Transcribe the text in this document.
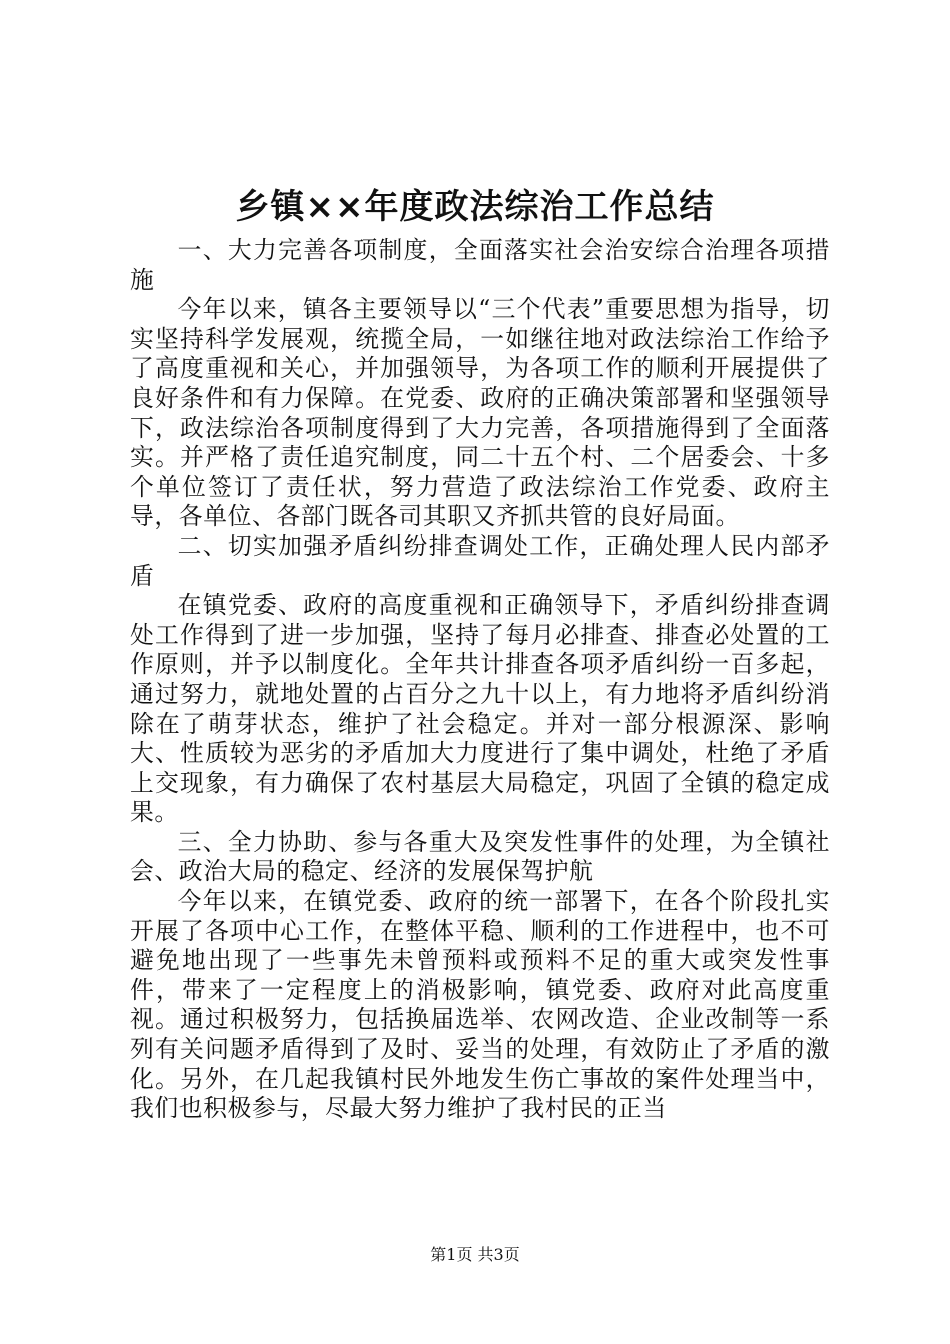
乡镇××年度政法综治工作总结

一、大力完善各项制度，全面落实社会治安综合治理各项措施

今年以来，镇各主要领导以“三个代表”重要思想为指导，切实坚持科学发展观，统揽全局，一如继往地对政法综治工作给予了高度重视和关心，并加强领导，为各项工作的顺利开展提供了良好条件和有力保障。在党委、政府的正确决策部署和坚强领导下，政法综治各项制度得到了大力完善，各项措施得到了全面落实。并严格了责任追究制度，同二十五个村、二个居委会、十多个单位签订了责任状，努力营造了政法综治工作党委、政府主导，各单位、各部门既各司其职又齐抓共管的良好局面。

二、切实加强矛盾纠纷排查调处工作，正确处理人民内部矛盾

在镇党委、政府的高度重视和正确领导下，矛盾纠纷排查调处工作得到了进一步加强，坚持了每月必排查、排查必处置的工作原则，并予以制度化。全年共计排查各项矛盾纠纷一百多起，通过努力，就地处置的占百分之九十以上，有力地将矛盾纠纷消除在了萌芽状态，维护了社会稳定。并对一部分根源深、影响大、性质较为恶劣的矛盾加大力度进行了集中调处，杜绝了矛盾上交现象，有力确保了农村基层大局稳定，巩固了全镇的稳定成果。

三、全力协助、参与各重大及突发性事件的处理，为全镇社会、政治大局的稳定、经济的发展保驾护航

今年以来，在镇党委、政府的统一部署下，在各个阶段扎实开展了各项中心工作，在整体平稳、顺利的工作进程中，也不可避免地出现了一些事先未曾预料或预料不足的重大或突发性事件，带来了一定程度上的消极影响，镇党委、政府对此高度重视。通过积极努力，包括换届选举、农网改造、企业改制等一系列有关问题矛盾得到了及时、妥当的处理，有效防止了矛盾的激化。另外，在几起我镇村民外地发生伤亡事故的案件处理当中，我们也积极参与，尽最大努力维护了我村民的正当

第1页 共3页
